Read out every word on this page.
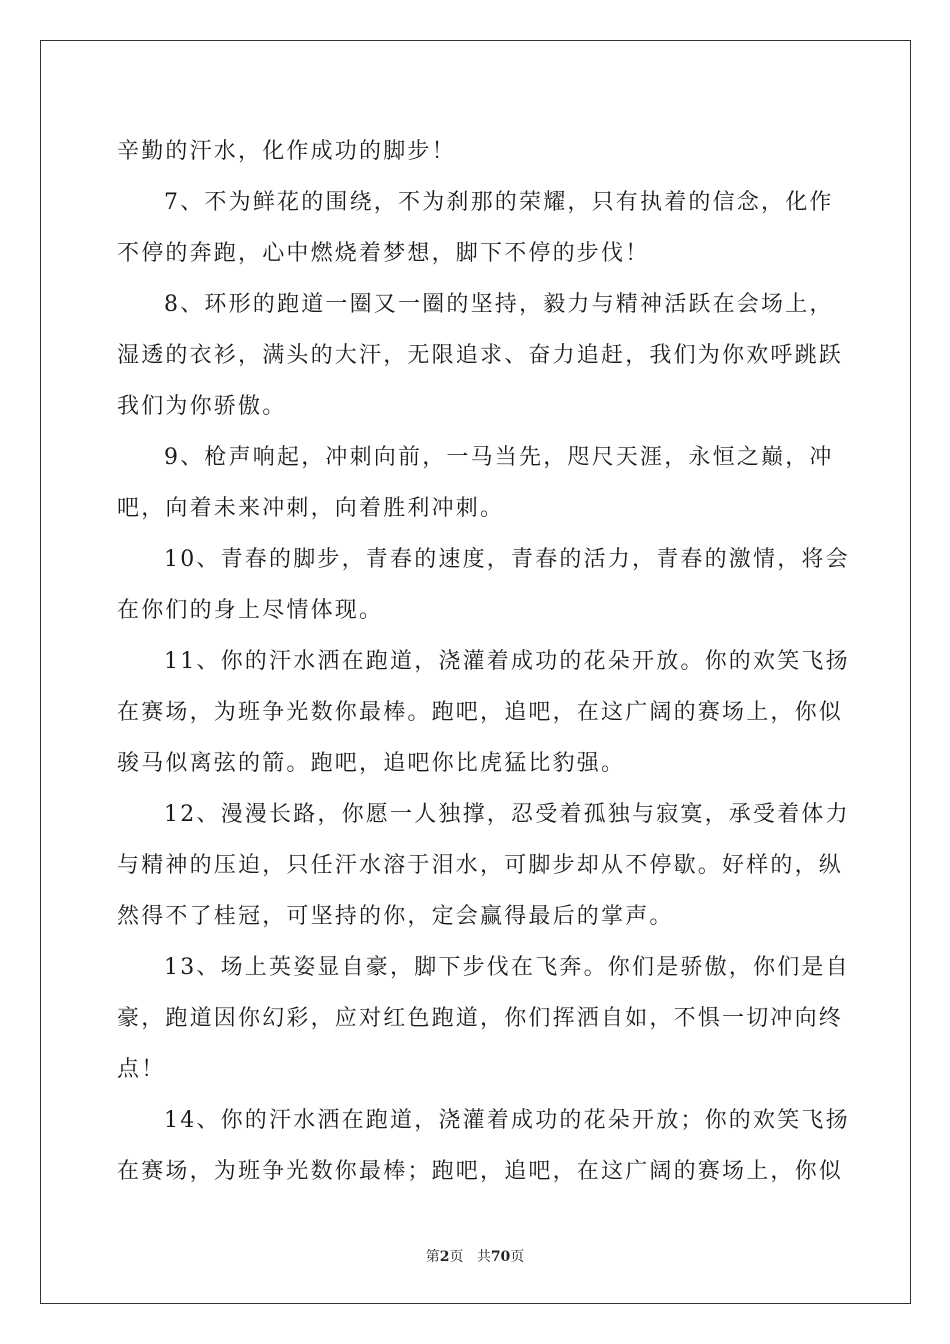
辛勤的汗水，化作成功的脚步！
7、不为鲜花的围绕，不为刹那的荣耀，只有执着的信念，化作
不停的奔跑，心中燃烧着梦想，脚下不停的步伐！
8、环形的跑道一圈又一圈的坚持，毅力与精神活跃在会场上，
湿透的衣衫，满头的大汗，无限追求、奋力追赶，我们为你欢呼跳跃
我们为你骄傲。
9、枪声响起，冲刺向前，一马当先，咫尺天涯，永恒之巅，冲
吧，向着未来冲刺，向着胜利冲刺。
10、青春的脚步，青春的速度，青春的活力，青春的激情，将会
在你们的身上尽情体现。
11、你的汗水洒在跑道，浇灌着成功的花朵开放。你的欢笑飞扬
在赛场，为班争光数你最棒。跑吧，追吧，在这广阔的赛场上，你似
骏马似离弦的箭。跑吧，追吧你比虎猛比豹强。
12、漫漫长路，你愿一人独撑，忍受着孤独与寂寞，承受着体力
与精神的压迫，只任汗水溶于泪水，可脚步却从不停歇。好样的，纵
然得不了桂冠，可坚持的你，定会赢得最后的掌声。
13、场上英姿显自豪，脚下步伐在飞奔。你们是骄傲，你们是自
豪，跑道因你幻彩，应对红色跑道，你们挥洒自如，不惧一切冲向终
点！
14、你的汗水洒在跑道，浇灌着成功的花朵开放；你的欢笑飞扬
在赛场，为班争光数你最棒；跑吧，追吧，在这广阔的赛场上，你似
第2页 共70页
